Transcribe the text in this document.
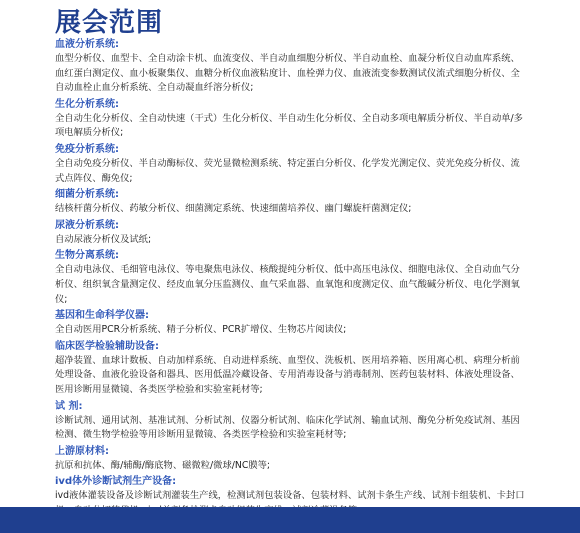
展会范围
血液分析系统:
血型分析仪、血型卡、全自动涂卡机、血流变仪、半自动血细胞分析仪、半自动血栓、血凝分析仪自动血库系统、血红蛋白测定仪、血小板聚集仪、血糖分析仪血液粘度计、血栓弹力仪、血液流变参数测试仪流式细胞分析仪、全自动血栓止血分析系统、全自动凝血纤溶分析仪;
生化分析系统:
全自动生化分析仪、全自动快速（干式）生化分析仪、半自动生化分析仪、全自动多项电解质分析仪、半自动单/多项电解质分析仪;
免疫分析系统:
全自动免疫分析仪、半自动酶标仪、荧光显微检测系统、特定蛋白分析仪、化学发光测定仪、荧光免疫分析仪、流式点阵仪、酶免仪;
细菌分析系统:
结核杆菌分析仪、药敏分析仪、细菌测定系统、快速细菌培养仪、幽门螺旋杆菌测定仪;
尿液分析系统:
自动尿液分析仪及试纸;
生物分离系统:
全自动电泳仪、毛细管电泳仪、等电聚焦电泳仪、核酸提纯分析仪、低中高压电泳仪、细胞电泳仪、全自动血气分析仪、组织氧含量测定仪、经皮血氧分压监测仪、血气采血器、血氧饱和度测定仪、血气酸碱分析仪、电化学测氧仪;
基因和生命科学仪器:
全自动医用PCR分析系统、精子分析仪、PCR扩增仪、生物芯片阅读仪;
临床医学检验辅助设备:
超净装置、血球计数板、自动加样系统、自动进样系统、血型仪、洗板机、医用培养箱、医用离心机、病理分析前处理设备、血液化验设备和器具、医用低温冷藏设备、专用消毒设备与消毒制剂、医药包装材料、体液处理设备、医用诊断用显微镜、各类医学检验和实验室耗材等;
试 剂:
诊断试剂、通用试剂、基准试剂、分析试剂、仪器分析试剂、临床化学试剂、输血试剂、酶免分析免疫试剂、基因检测、微生物学检验等用诊断用显微镜、各类医学检验和实验室耗材等;
上游原材料:
抗原和抗体、酶/辅酶/酶底物、磁微粒/微球/NC膜等;
ivd体外诊断试剂生产设备:
ivd液体灌装设备及诊断试剂灌装生产线，检测试剂包装设备、包装材料、试剂卡条生产线、试剂卡组装机、卡封口
